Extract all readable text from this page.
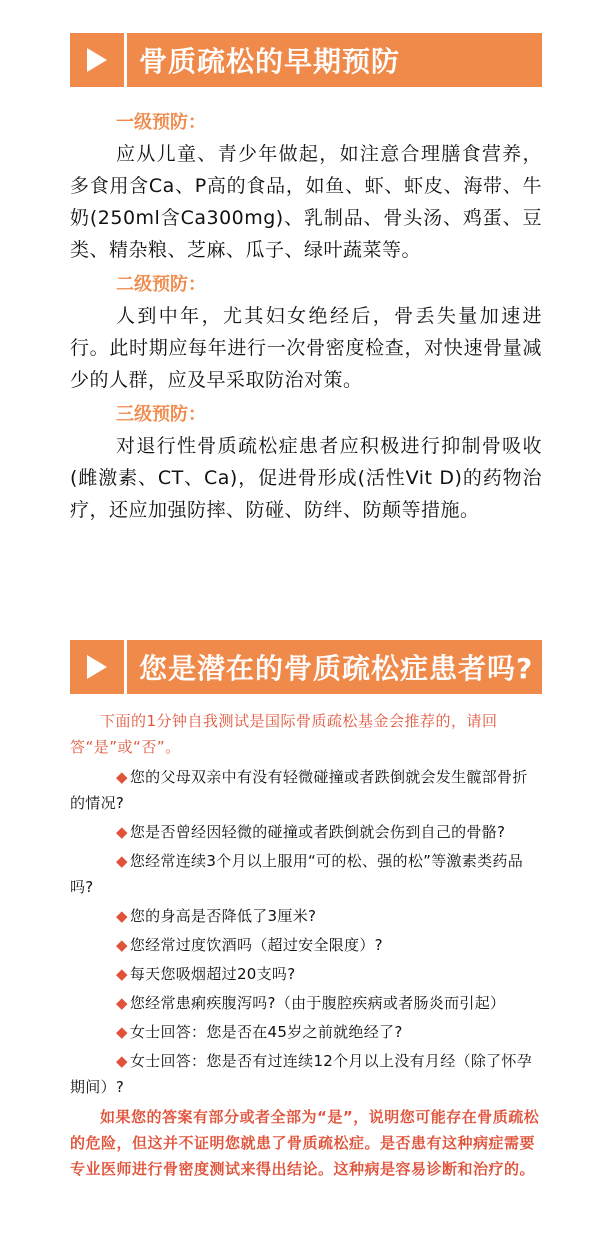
骨质疏松的早期预防

一级预防：

应从儿童、青少年做起，如注意合理膳食营养，多食用含Ca、P高的食品，如鱼、虾、虾皮、海带、牛奶(250ml含Ca300mg)、乳制品、骨头汤、鸡蛋、豆类、精杂粮、芝麻、瓜子、绿叶蔬菜等。

二级预防：

人到中年，尤其妇女绝经后，骨丢失量加速进行。此时期应每年进行一次骨密度检查，对快速骨量减少的人群，应及早采取防治对策。

三级预防：

对退行性骨质疏松症患者应积极进行抑制骨吸收(雌激素、CT、Ca)，促进骨形成(活性Vit D)的药物治疗，还应加强防摔、防碰、防绊、防颠等措施。

您是潜在的骨质疏松症患者吗?

下面的1分钟自我测试是国际骨质疏松基金会推荐的，请回答“是”或“否”。

◆ 您的父母双亲中有没有轻微碰撞或者跌倒就会发生髋部骨折的情况?

◆ 您是否曾经因轻微的碰撞或者跌倒就会伤到自己的骨骼?

◆ 您经常连续3个月以上服用“可的松、强的松”等激素类药品吗?

◆ 您的身高是否降低了3厘米?

◆ 您经常过度饮酒吗（超过安全限度）?

◆ 每天您吸烟超过20支吗?

◆ 您经常患痢疾腹泻吗?（由于腹腔疾病或者肠炎而引起）

◆ 女士回答：您是否在45岁之前就绝经了?

◆ 女士回答：您是否有过连续12个月以上没有月经（除了怀孕期间）?

如果您的答案有部分或者全部为“是”，说明您可能存在骨质疏松的危险，但这并不证明您就患了骨质疏松症。是否患有这种病症需要专业医师进行骨密度测试来得出结论。这种病是容易诊断和治疗的。
